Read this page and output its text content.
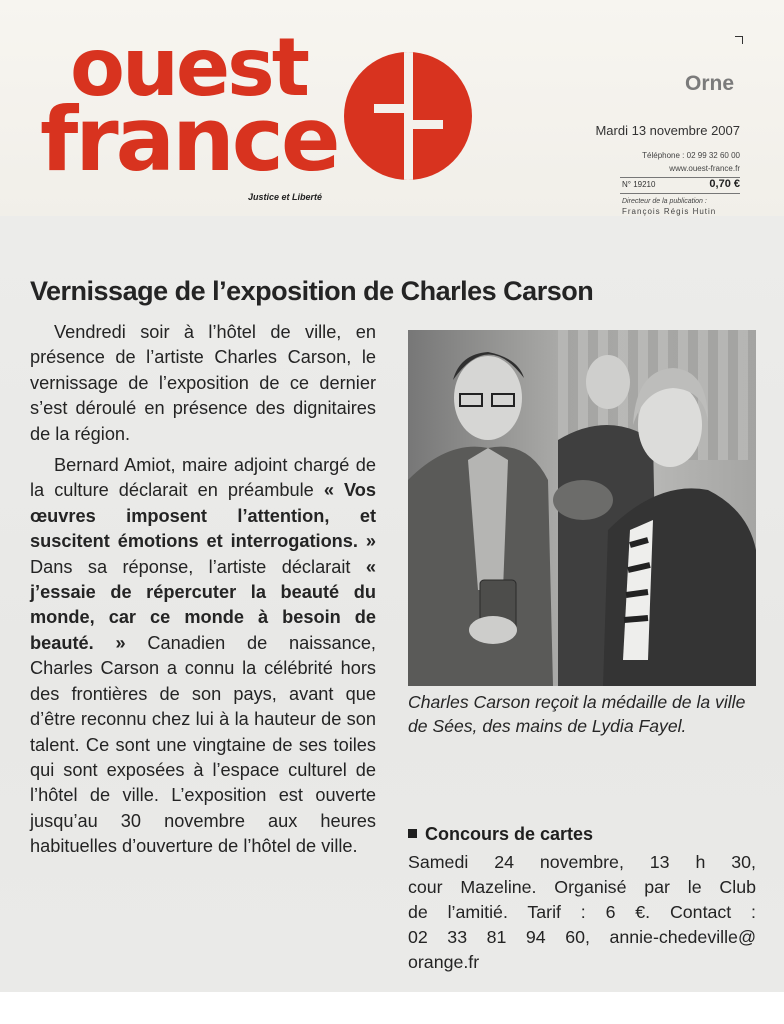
ouest
france
Justice et Liberté
Orne
Mardi 13 novembre 2007
Téléphone : 02 99 32 60 00
www.ouest-france.fr
N° 19210	0,70 €
Directeur de la publication :
François Régis Hutin
Vernissage de l’exposition de Charles Carson

Vendredi soir à l’hôtel de ville, en présence de l’artiste Charles Carson, le vernissage de l’exposition de ce dernier s’est déroulé en présence des dignitaires de la région.

Bernard Amiot, maire adjoint chargé de la culture déclarait en préambule « Vos œuvres imposent l’attention, et suscitent émotions et interrogations. » Dans sa réponse, l’artiste déclarait « j’essaie de répercuter la beauté du monde, car ce monde à besoin de beauté. » Canadien de naissance, Charles Carson a connu la célébrité hors des frontières de son pays, avant que d’être reconnu chez lui à la hauteur de son talent. Ce sont une vingtaine de ses toiles qui sont exposées à l’espace culturel de l’hôtel de ville. L’exposition est ouverte jusqu’au 30 novembre aux heures habituelles d’ouverture de l’hôtel de ville.

Charles Carson reçoit la médaille de la ville de Sées, des mains de Lydia Fayel.
Concours de cartes
Samedi 24 novembre, 13 h 30,
cour Mazeline. Organisé par le Club
de l’amitié. Tarif : 6 €. Contact :
02 33 81 94 60, annie-chedeville@
orange.fr
